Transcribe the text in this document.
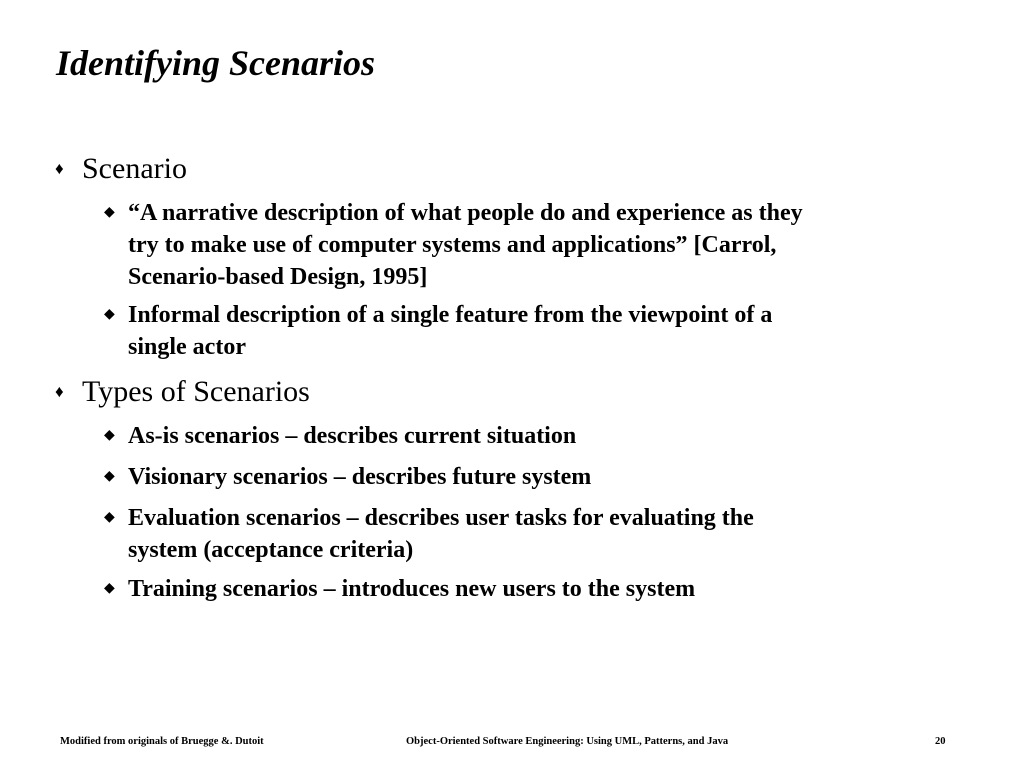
Identifying Scenarios
♦ Scenario
◆ “A narrative description of what people do and experience as they
try to make use of computer systems and applications” [Carrol,
Scenario-based Design, 1995]
◆ Informal description of a single feature from the viewpoint of a
single actor
♦ Types of Scenarios
◆ As-is scenarios – describes current situation
◆ Visionary scenarios – describes future system
◆ Evaluation scenarios – describes user tasks for evaluating the
system (acceptance criteria)
◆ Training scenarios – introduces new users to the system
Modified from originals of Bruegge &. Dutoit	Object-Oriented Software Engineering: Using UML, Patterns, and Java	20
